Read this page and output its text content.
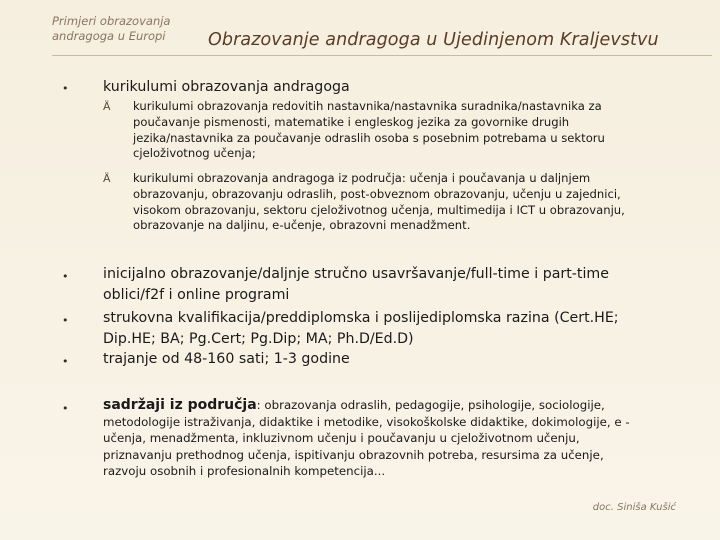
Primjeri obrazovanja
andragoga u Europi	Obrazovanje andragoga u Ujedinjenom Kraljevstvu
• kurikulumi obrazovanja andragoga
Ä kurikulumi obrazovanja redovitih nastavnika/nastavnika suradnika/nastavnika za poučavanje pismenosti, matematike i engleskog jezika za govornike drugih jezika/nastavnika za poučavanje odraslih osoba s posebnim potrebama u sektoru cjeloživotnog učenja;
Ä kurikulumi obrazovanja andragoga iz područja: učenja i poučavanja u daljnjem obrazovanju, obrazovanju odraslih, post-obveznom obrazovanju, učenju u zajednici, visokom obrazovanju, sektoru cjeloživotnog učenja, multimedija i ICT u obrazovanju, obrazovanje na daljinu, e-učenje, obrazovni menadžment.
• inicijalno obrazovanje/daljnje stručno usavršavanje/full-time i part-time oblici/f2f i online programi
• strukovna kvalifikacija/preddiplomska i poslijediplomska razina (Cert.HE; Dip.HE; BA; Pg.Cert; Pg.Dip; MA; Ph.D/Ed.D)
• trajanje od 48-160 sati; 1-3 godine
• sadržaji iz područja: obrazovanja odraslih, pedagogije, psihologije, sociologije, metodologije istraživanja, didaktike i metodike, visokoškolske didaktike, dokimologije, e -učenja, menadžmenta, inkluzivnom učenju i poučavanju u cjeloživotnom učenju, priznavanju prethodnog učenja, ispitivanju obrazovnih potreba, resursima za učenje, razvoju osobnih i profesionalnih kompetencija...
doc. Siniša Kušić
